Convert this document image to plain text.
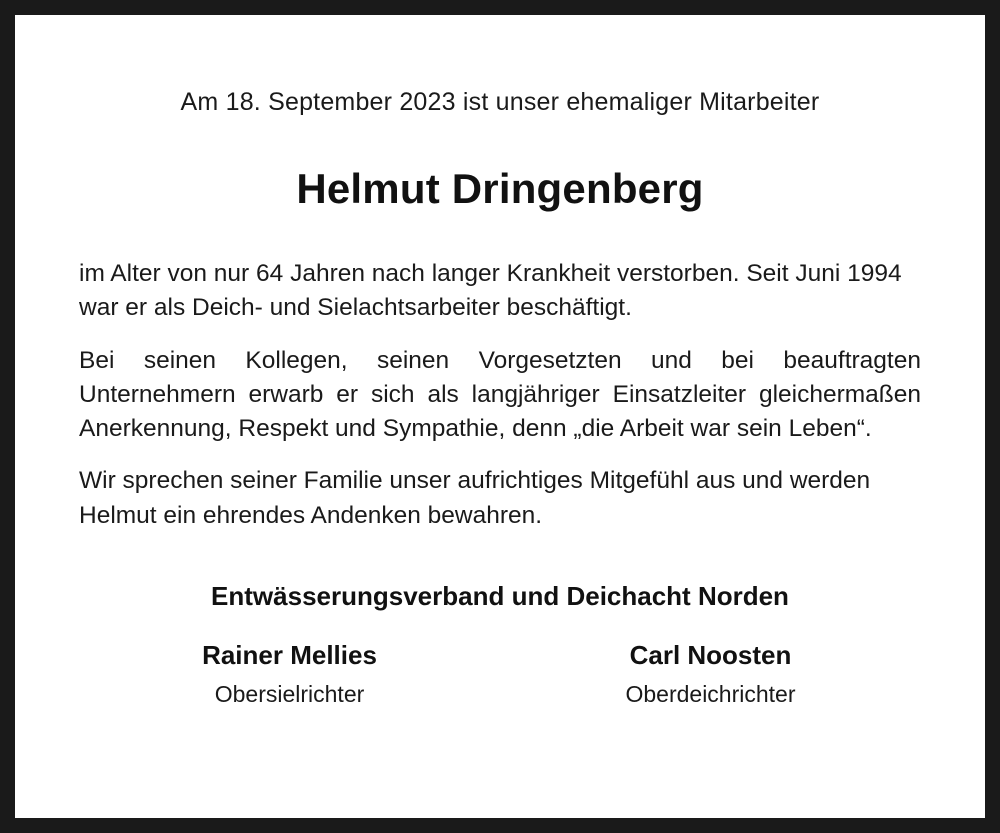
Am 18. September 2023 ist unser ehemaliger Mitarbeiter

Helmut Dringenberg

im Alter von nur 64 Jahren nach langer Krankheit verstorben. Seit Juni 1994 war er als Deich- und Sielachtsarbeiter beschäftigt.

Bei seinen Kollegen, seinen Vorgesetzten und bei beauftragten Unternehmern erwarb er sich als langjähriger Einsatzleiter gleichermaßen Anerkennung, Respekt und Sympathie, denn „die Arbeit war sein Leben“.

Wir sprechen seiner Familie unser aufrichtiges Mitgefühl aus und werden Helmut ein ehrendes Andenken bewahren.

Entwässerungsverband und Deichacht Norden

Rainer Mellies
Obersielrichter
Carl Noosten
Oberdeichrichter
